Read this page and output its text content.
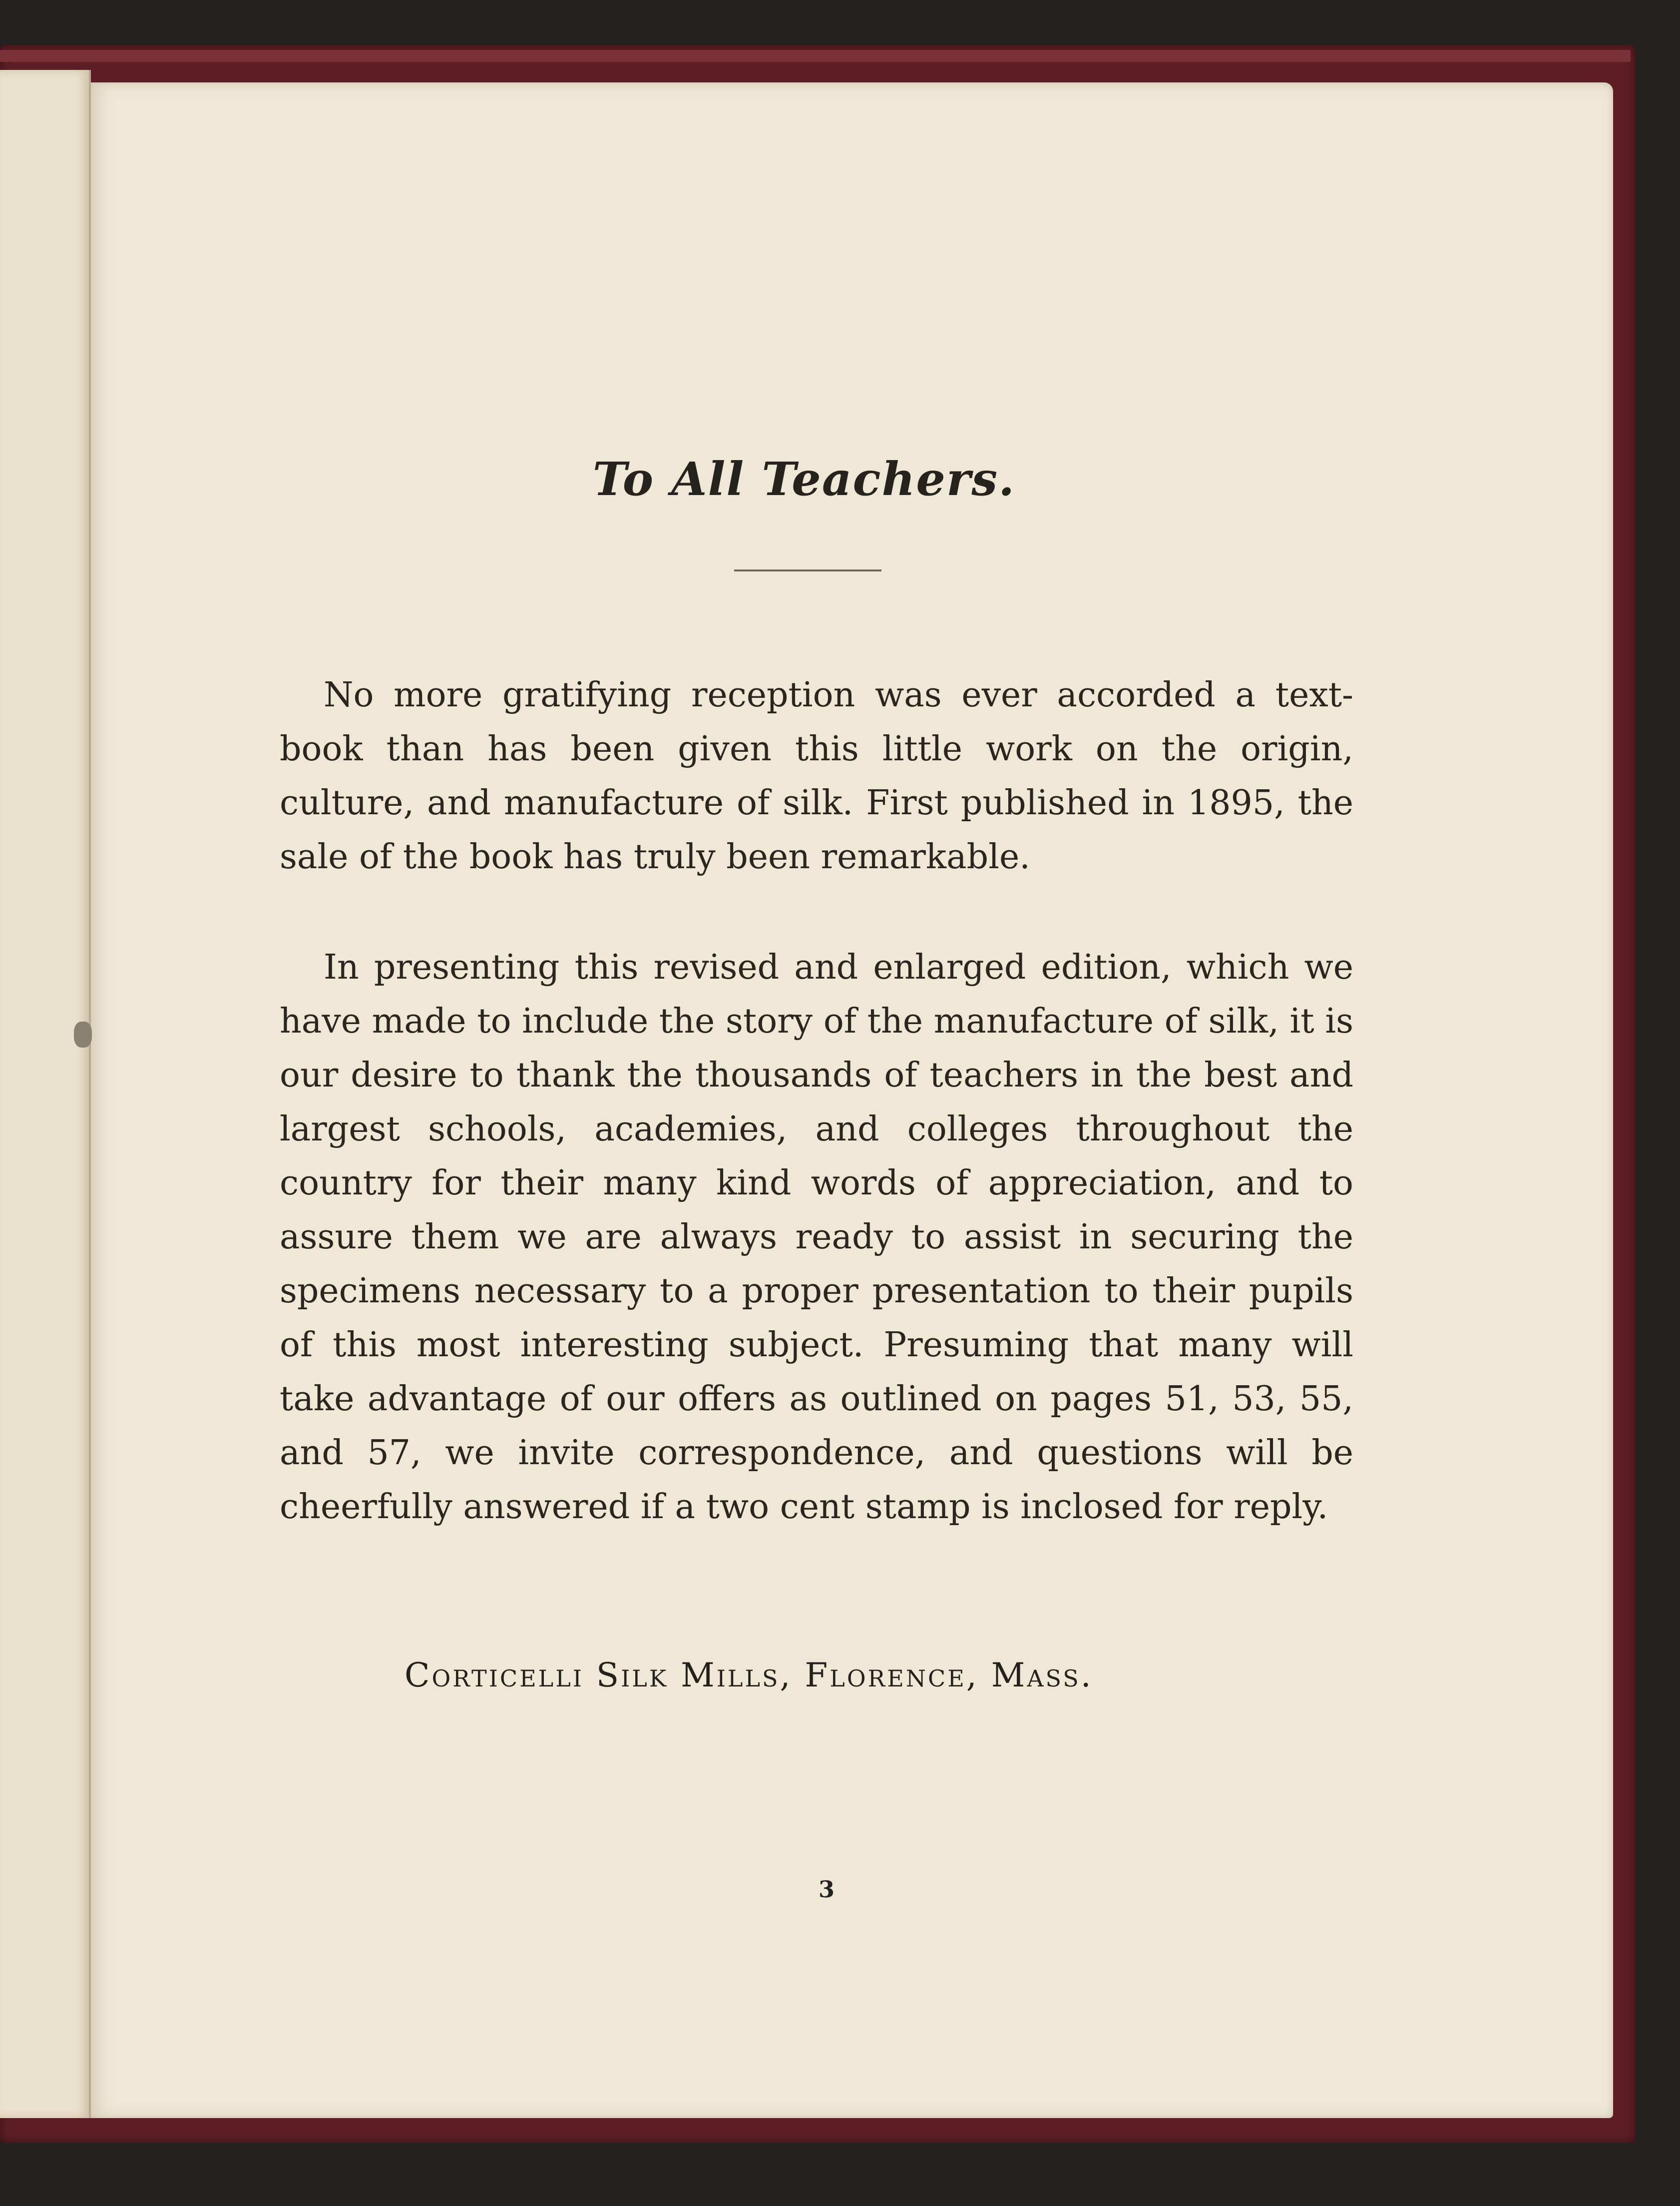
To All Teachers.

No more gratifying reception was ever accorded a text-book than has been given this little work on the origin, culture, and manufacture of silk. First published in 1895, the sale of the book has truly been remarkable.

In presenting this revised and enlarged edition, which we have made to include the story of the manufacture of silk, it is our desire to thank the thousands of teachers in the best and largest schools, academies, and colleges throughout the country for their many kind words of appreciation, and to assure them we are always ready to assist in securing the specimens necessary to a proper presentation to their pupils of this most interesting subject. Presuming that many will take advantage of our offers as outlined on pages 51, 53, 55, and 57, we invite correspondence, and questions will be cheerfully answered if a two cent stamp is inclosed for reply.

Corticelli Silk Mills, Florence, Mass.
3
